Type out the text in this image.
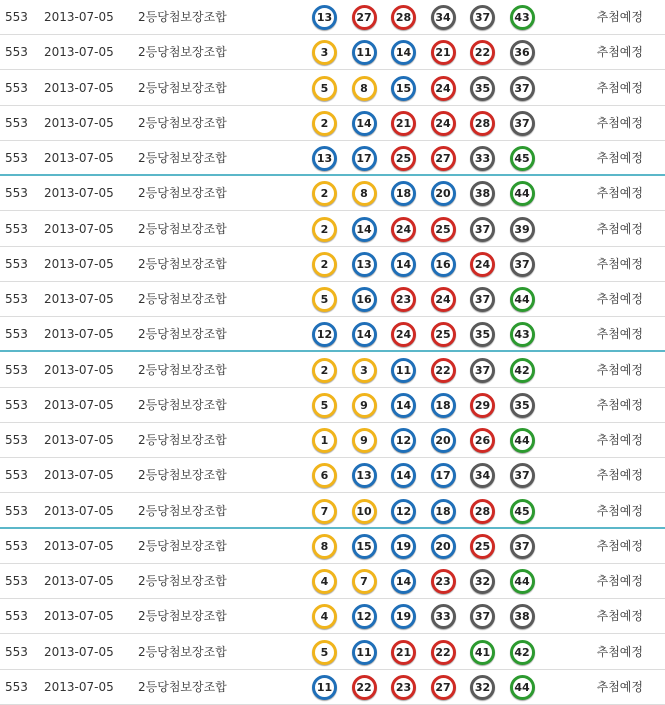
553 2013-07-05 2등당첨보장조합	13	27	28	34	37	43	추첨예정
553 2013-07-05 2등당첨보장조합	3	11	14	21	22	36	추첨예정
553 2013-07-05 2등당첨보장조합	5	8	15	24	35	37	추첨예정
553 2013-07-05 2등당첨보장조합	2	14	21	24	28	37	추첨예정
553 2013-07-05 2등당첨보장조합	13	17	25	27	33	45	추첨예정
553 2013-07-05 2등당첨보장조합	2	8	18	20	38	44	추첨예정
553 2013-07-05 2등당첨보장조합	2	14	24	25	37	39	추첨예정
553 2013-07-05 2등당첨보장조합	2	13	14	16	24	37	추첨예정
553 2013-07-05 2등당첨보장조합	5	16	23	24	37	44	추첨예정
553 2013-07-05 2등당첨보장조합	12	14	24	25	35	43	추첨예정
553 2013-07-05 2등당첨보장조합	2	3	11	22	37	42	추첨예정
553 2013-07-05 2등당첨보장조합	5	9	14	18	29	35	추첨예정
553 2013-07-05 2등당첨보장조합	1	9	12	20	26	44	추첨예정
553 2013-07-05 2등당첨보장조합	6	13	14	17	34	37	추첨예정
553 2013-07-05 2등당첨보장조합	7	10	12	18	28	45	추첨예정
553 2013-07-05 2등당첨보장조합	8	15	19	20	25	37	추첨예정
553 2013-07-05 2등당첨보장조합	4	7	14	23	32	44	추첨예정
553 2013-07-05 2등당첨보장조합	4	12	19	33	37	38	추첨예정
553 2013-07-05 2등당첨보장조합	5	11	21	22	41	42	추첨예정
553 2013-07-05 2등당첨보장조합	11	22	23	27	32	44	추첨예정
